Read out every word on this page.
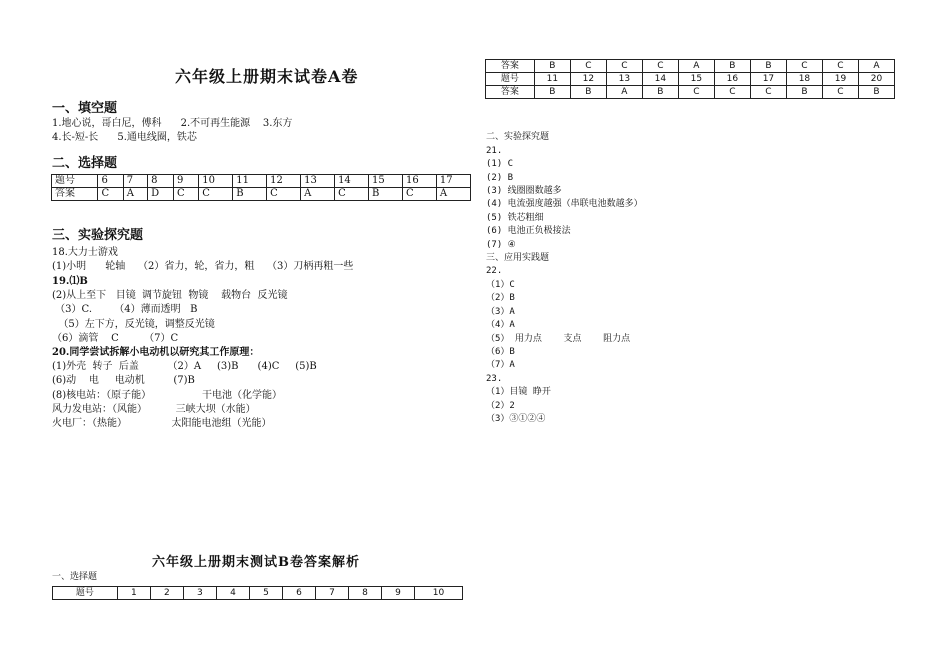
六年级上册期末试卷A卷
一、填空题
1.地心说，哥白尼，傅科      2.不可再生能源    3.东方
4.长-短-长      5.通电线圈，铁芯
二、选择题
题号	6	7	8	9	10	11	12	13	14	15	16	17
答案	C	A	D	C	C	B	C	A	C	B	C	A
三、实验探究题
18.大力士游戏
(1)小明      轮轴    （2）省力，轮，省力，粗    （3）刀柄再粗一些
19.⑴B
(2)从上至下   目镜  调节旋钮  物镜    载物台  反光镜
（3）C.       （4）薄而透明   B
（5）左下方，反光镜，调整反光镜
（6）滴管    C        （7）C
20.同学尝试拆解小电动机以研究其工作原理：
(1)外壳  转子  后盖         （2）A     (3)B      (4)C     (5)B
(6)动    电     电动机         (7)B
(8)核电站：（原子能）                干电池（化学能）
风力发电站：（风能）         三峡大坝（水能）
火电厂：（热能）              太阳能电池组（光能）
答案	B	C	C	C	A	B	B	C	C	A
题号	11	12	13	14	15	16	17	18	19	20
答案	B	B	A	B	C	C	C	B	C	B

二、实验探究题
21.
(1) C
(2) B
(3) 线圈圈数越多
(4) 电流强度越强（串联电池数越多）
(5) 铁芯粗细
(6) 电池正负极接法
(7) ④
三、应用实践题
22.
（1）C
（2）B
（3）A
（4）A
（5） 用力点    支点    阻力点
（6）B
（7）A
23.
（1）目镜 睁开
（2）2
（3）③①②④

六年级上册期末测试B卷答案解析
一、选择题
题号	1	2	3	4	5	6	7	8	9	10
